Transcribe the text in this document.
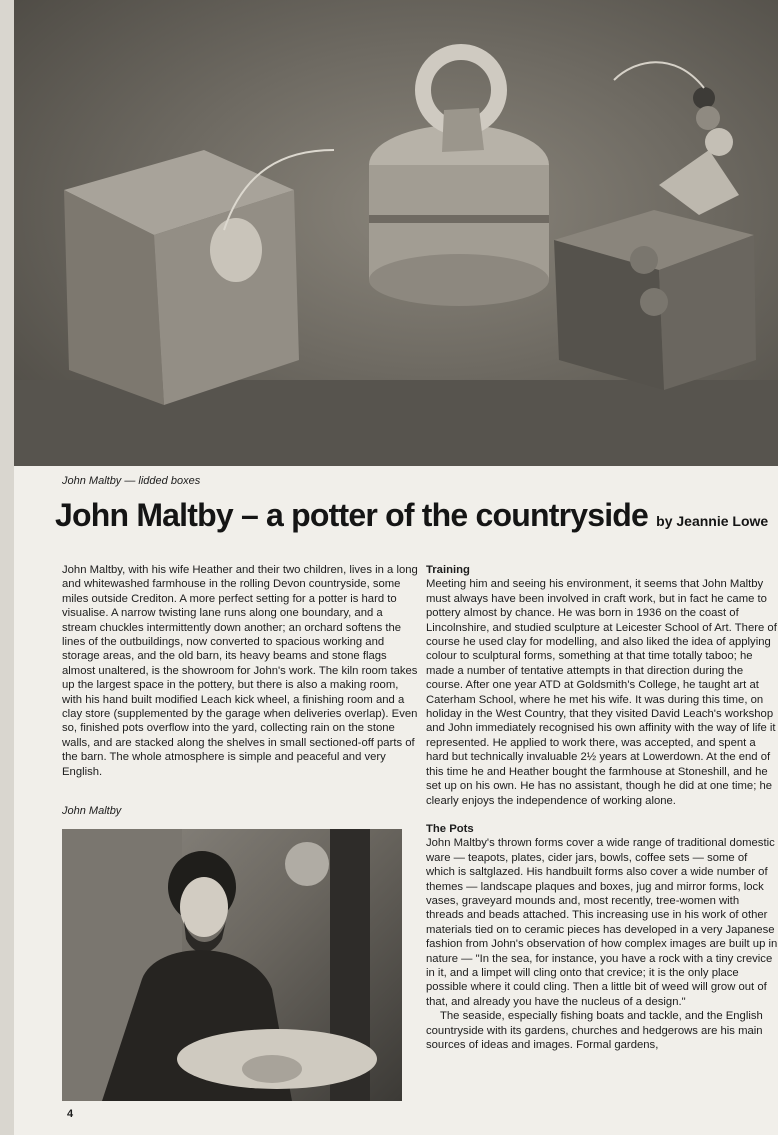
John Maltby — lidded boxes
John Maltby – a potter of the countryside by Jeannie Lowe

John Maltby, with his wife Heather and their two children, lives in a long and whitewashed farmhouse in the rolling Devon countryside, some miles outside Crediton. A more perfect setting for a potter is hard to visualise. A narrow twisting lane runs along one boundary, and a stream chuckles intermittently down another; an orchard softens the lines of the outbuildings, now converted to spacious working and storage areas, and the old barn, its heavy beams and stone flags almost unaltered, is the showroom for John's work. The kiln room takes up the largest space in the pottery, but there is also a making room, with his hand built modified Leach kick wheel, a finishing room and a clay store (supplemented by the garage when deliveries overlap). Even so, finished pots overflow into the yard, collecting rain on the stone walls, and are stacked along the shelves in small sectioned-off parts of the barn. The whole atmosphere is simple and peaceful and very English.

John Maltby

Training

Meeting him and seeing his environment, it seems that John Maltby must always have been involved in craft work, but in fact he came to pottery almost by chance. He was born in 1936 on the coast of Lincolnshire, and studied sculpture at Leicester School of Art. There of course he used clay for modelling, and also liked the idea of applying colour to sculptural forms, something at that time totally taboo; he made a number of tentative attempts in that direction during the course. After one year ATD at Goldsmith's College, he taught art at Caterham School, where he met his wife. It was during this time, on holiday in the West Country, that they visited David Leach's workshop and John immediately recognised his own affinity with the way of life it represented. He applied to work there, was accepted, and spent a hard but technically invaluable 2½ years at Lowerdown. At the end of this time he and Heather bought the farmhouse at Stoneshill, and he set up on his own. He has no assistant, though he did at one time; he clearly enjoys the independence of working alone.

The Pots

John Maltby's thrown forms cover a wide range of traditional domestic ware — teapots, plates, cider jars, bowls, coffee sets — some of which is saltglazed. His handbuilt forms also cover a wide number of themes — landscape plaques and boxes, jug and mirror forms, lock vases, graveyard mounds and, most recently, tree-women with threads and beads attached. This increasing use in his work of other materials tied on to ceramic pieces has developed in a very Japanese fashion from John's observation of how complex images are built up in nature — "In the sea, for instance, you have a rock with a tiny crevice in it, and a limpet will cling onto that crevice; it is the only place possible where it could cling. Then a little bit of weed will grow out of that, and already you have the nucleus of a design."

The seaside, especially fishing boats and tackle, and the English countryside with its gardens, churches and hedgerows are his main sources of ideas and images. Formal gardens,

4
